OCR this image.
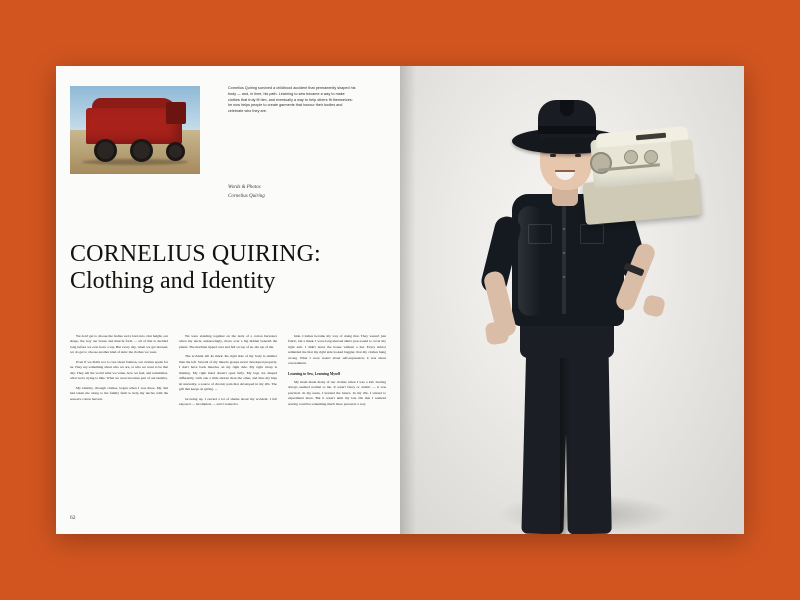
Cornelius Quiring survived a childhood accident that permanently shaped his body — and, in time, his path. Learning to sew became a way to make clothes that truly fit him, and eventually a way to help others fit themselves: he now helps people to create garments that honour their bodies and celebrate who they are.
Words & Photos
Cornelius Quiring
CORNELIUS QUIRING:
Clothing and Identity

We don't get to choose the bodies we're born into. Our height, our shape, the way our bones and muscle form — all of this is decided long before we ever have a say. But every day, when we get dressed, we do get to choose another kind of skin: the clothes we wear.

Even if we didn't not to care about fashion, our clothes speak for us. They say something about who we are, or who we want to be that day. They tell the world what we value, how we feel, and sometimes, what we're trying to hide. What we wear becomes part of our identity.

My identity, through clothes, began when I was three. My dad had taken me along to the family farm to help my uncles with the season's cotton harvest.

We were standing together on the deck of a cotton harvester when my uncle, unknowingly, drove over a big hidden beneath the plants. The machine tipped over and fell on top of us. On top of me.

The accident left its mark: the right side of my body is smaller than the left. Several of my muscle groups never developed properly. I don't have back muscles on my right side. My right tricep is missing. My right hand doesn't open fully. My legs are shaped differently, with one a little shorter than the other, and thus my hips sit unevenly, a source of chronic pain that developed in my 20s. The gift that keeps on giving. ...

Growing up, I carried a lot of shame about my accident. I felt exposed — incomplete — and I wanted to

hide. Clothes became my way of doing that. They weren't just fabric, but a mask. I wore long-sleeved shirts year-round to cover my right arm. I didn't leave the house without a hat. Every mirror reminded me that my right side looked baggier, that my clothes hung wrong. What I wore wasn't about self-expression; it was about concealment.

Learning to Sew, Learning Myself

My mom made many of our clothes when I was a kid. Sewing always seemed normal to me. It wasn't fancy or artistic — it was practical. In my teens, I learned the basics. In my 20s, I started to experiment more. But it wasn't until my late 20s that I realized sewing could be something much more personal: a way

62
